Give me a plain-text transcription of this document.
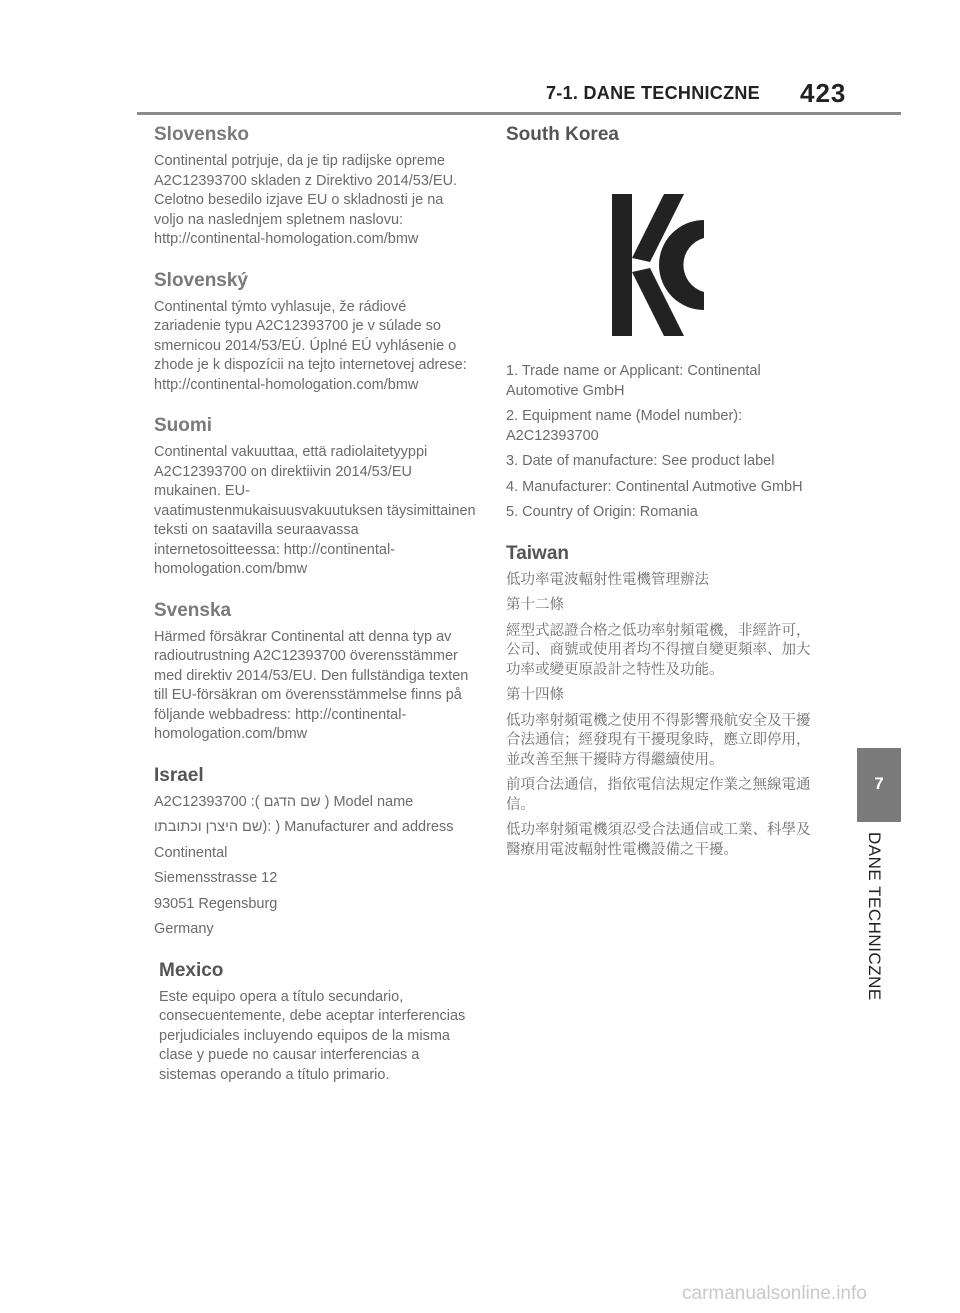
7-1. DANE TECHNICZNE 423
Slovensko

Continental potrjuje, da je tip radijske opreme A2C12393700 skladen z Direktivo 2014/53/EU. Celotno besedilo izjave EU o skladnosti je na voljo na naslednjem spletnem naslovu: http://continental-homologation.com/bmw

Slovenský

Continental týmto vyhlasuje, že rádiové zariadenie typu A2C12393700 je v súlade so smernicou 2014/53/EÚ. Úplné EÚ vyhlásenie o zhode je k dispozícii na tejto internetovej adrese: http://continental-homologation.com/bmw

Suomi

Continental vakuuttaa, että radiolaitetyyppi A2C12393700 on direktiivin 2014/53/EU mukainen. EU-vaatimustenmukaisuusvakuutuksen täysimittainen teksti on saatavilla seuraavassa internetosoitteessa: http://continental-homologation.com/bmw

Svenska

Härmed försäkrar Continental att denna typ av radioutrustning A2C12393700 överensstämmer med direktiv 2014/53/EU. Den fullständiga texten till EU-försäkran om överensstämmelse finns på följande webbadress: http://continental-homologation.com/bmw

Israel

A2C12393700 :( שם הדגם ) Model name

שם היצרן וכתובתו): ) Manufacturer and address

Continental

Siemensstrasse 12

93051 Regensburg

Germany

Mexico

Este equipo opera a título secundario, consecuentemente, debe aceptar interferencias perjudiciales incluyendo equipos de la misma clase y puede no causar interferencias a sistemas operando a título primario.

South Korea

1. Trade name or Applicant: Continental Automotive GmbH

2. Equipment name (Model number): A2C12393700

3. Date of manufacture: See product label

4. Manufacturer: Continental Autmotive GmbH

5. Country of Origin: Romania

Taiwan

低功率電波輻射性電機管理辦法

第十二條

經型式認證合格之低功率射頻電機，非經許可，公司、商號或使用者均不得擅自變更頻率、加大功率或變更原設計之特性及功能。

第十四條

低功率射頻電機之使用不得影響飛航安全及干擾合法通信；經發現有干擾現象時，應立即停用，並改善至無干擾時方得繼續使用。

前項合法通信，指依電信法規定作業之無線電通信。

低功率射頻電機須忍受合法通信或工業、科學及醫療用電波輻射性電機設備之干擾。

7
DANE TECHNICZNE
carmanualsonline.info
